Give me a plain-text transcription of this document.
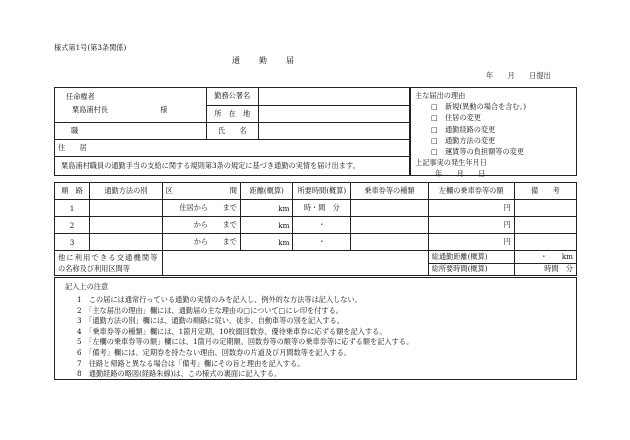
様式第1号(第3条関係)
通　　勤　　届
年　　月　　日提出
任命権者
粟島浦村長 様	勤務公署名	
	所　在　地	
職	氏　　名	
住　　居		
粟島浦村職員の通勤手当の支給に関する規則第3条の規定に基づき通勤の実情を届け出ます。		
主な届出の理由
□　新規(異動の場合を含む。)
□　住居の変更
□　通勤経路の変更
□　通勤方法の変更
□　運賃等の負担額等の変更
上記事実の発生年月日
年　　月　　日
順　路	通勤方法の別	区 間	距離(概算)	所要時間(概算)	乗車券等の種類	左欄の乗車券等の額	備　　考
1		住居から　　 まで	km	時・間　分		円	
2		から　　 まで	km	・		円	
3		から　　 まで	km	・		円	

他に利用できる交通機関等
の名称及び利用区間等						総通勤距離(概算)	・　　km
						総所要時間(概算)	時間　分
記入上の注意
1　この届には通常行っている通勤の実情のみを記入し、例外的な方法等は記入しない。
2　「主な届出の理由」欄には、通勤届の主な理由の□について□にレ印を付する。
3　「通勤方法の別」欄には、通勤の順路に従い、徒歩、自動車等の別を記入する。
4　「乗車券等の種類」欄には、1箇月定期、10枚綴回数券、優待乗車券に応ずる額を記入する。
5　「左欄の乗車券等の額」欄には、1箇月の定期額、回数券等の額等の乗車券等に応ずる額を記入する。
6　「備考」欄には、定期券を持たない理由、回数券の片道及び月間数等を記入する。
7　往路と帰路と異なる場合は「備考」欄にその旨と理由を記入する。
8　通勤経路の略図(経路朱線)は、この様式の裏面に記入する。
